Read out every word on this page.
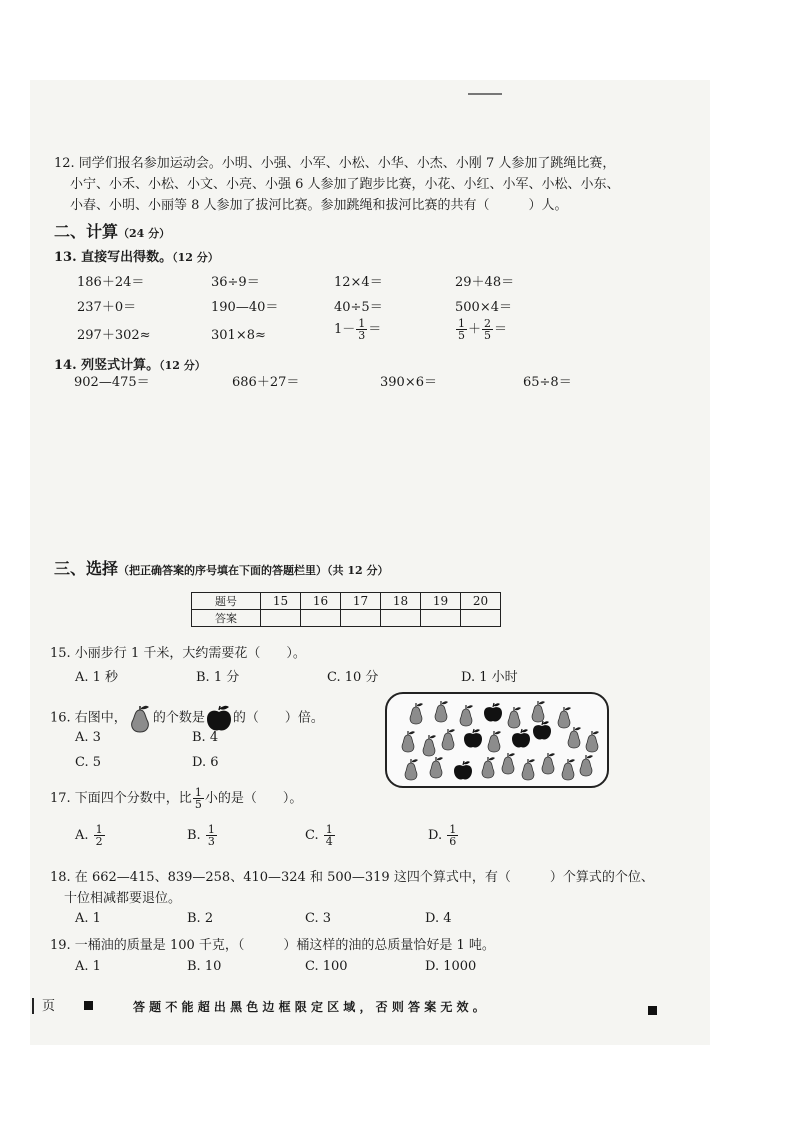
12. 同学们报名参加运动会。小明、小强、小军、小松、小华、小杰、小刚 7 人参加了跳绳比赛，
小宁、小禾、小松、小文、小亮、小强 6 人参加了跑步比赛，小花、小红、小军、小松、小东、
小春、小明、小丽等 8 人参加了拔河比赛。参加跳绳和拔河比赛的共有（　　　）人。
二、计算（24 分）
13. 直接写出得数。（12 分）
186＋24＝	36÷9＝	12×4＝	29＋48＝
237＋0＝	190—40＝	40÷5＝	500×4＝
297＋302≈	301×8≈	$1- \frac{1}{3}$ ＝	$\frac{1}{5} + \frac{2}{5}$ ＝
14. 列竖式计算。（12 分）
902—475＝	686＋27＝	390×6＝	65÷8＝
三、选择（把正确答案的序号填在下面的答题栏里）（共 12 分）
题号	15	16	17	18	19	20
答案						
15. 小丽步行 1 千米，大约需要花（　　）。
A. 1 秒	B. 1 分	C. 10 分	D. 1 小时
16. 右图中， 的个数是 的（　　）倍。
A. 3	B. 4
C. 5	D. 6
17. 下面四个分数中，比 $\frac{1}{5}$ 小的是（　　）。
A. $\frac{1}{2}$	B. $\frac{1}{3}$	C. $\frac{1}{4}$	D. $\frac{1}{6}$
18. 在 662—415、839—258、410—324 和 500—319 这四个算式中，有（　　　）个算式的个位、
十位相减都要退位。
A. 1	B. 2	C. 3	D. 4
19. 一桶油的质量是 100 千克，（　　　）桶这样的油的总质量恰好是 1 吨。
A. 1	B. 10	C. 100	D. 1000
页	答 题 不 能 超 出 黑 色 边 框 限 定 区 域 ， 否 则 答 案 无 效 。
